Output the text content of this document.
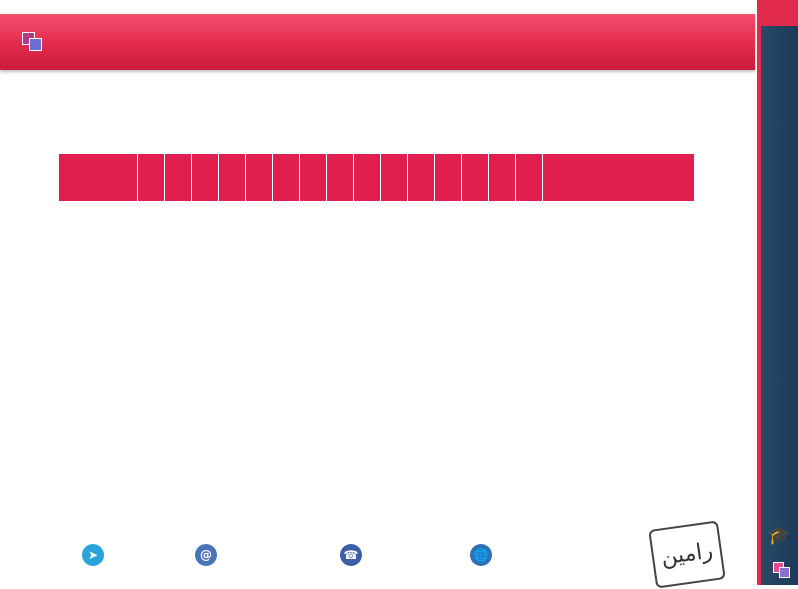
🎓

➤	@	☎	🌐	رامین
